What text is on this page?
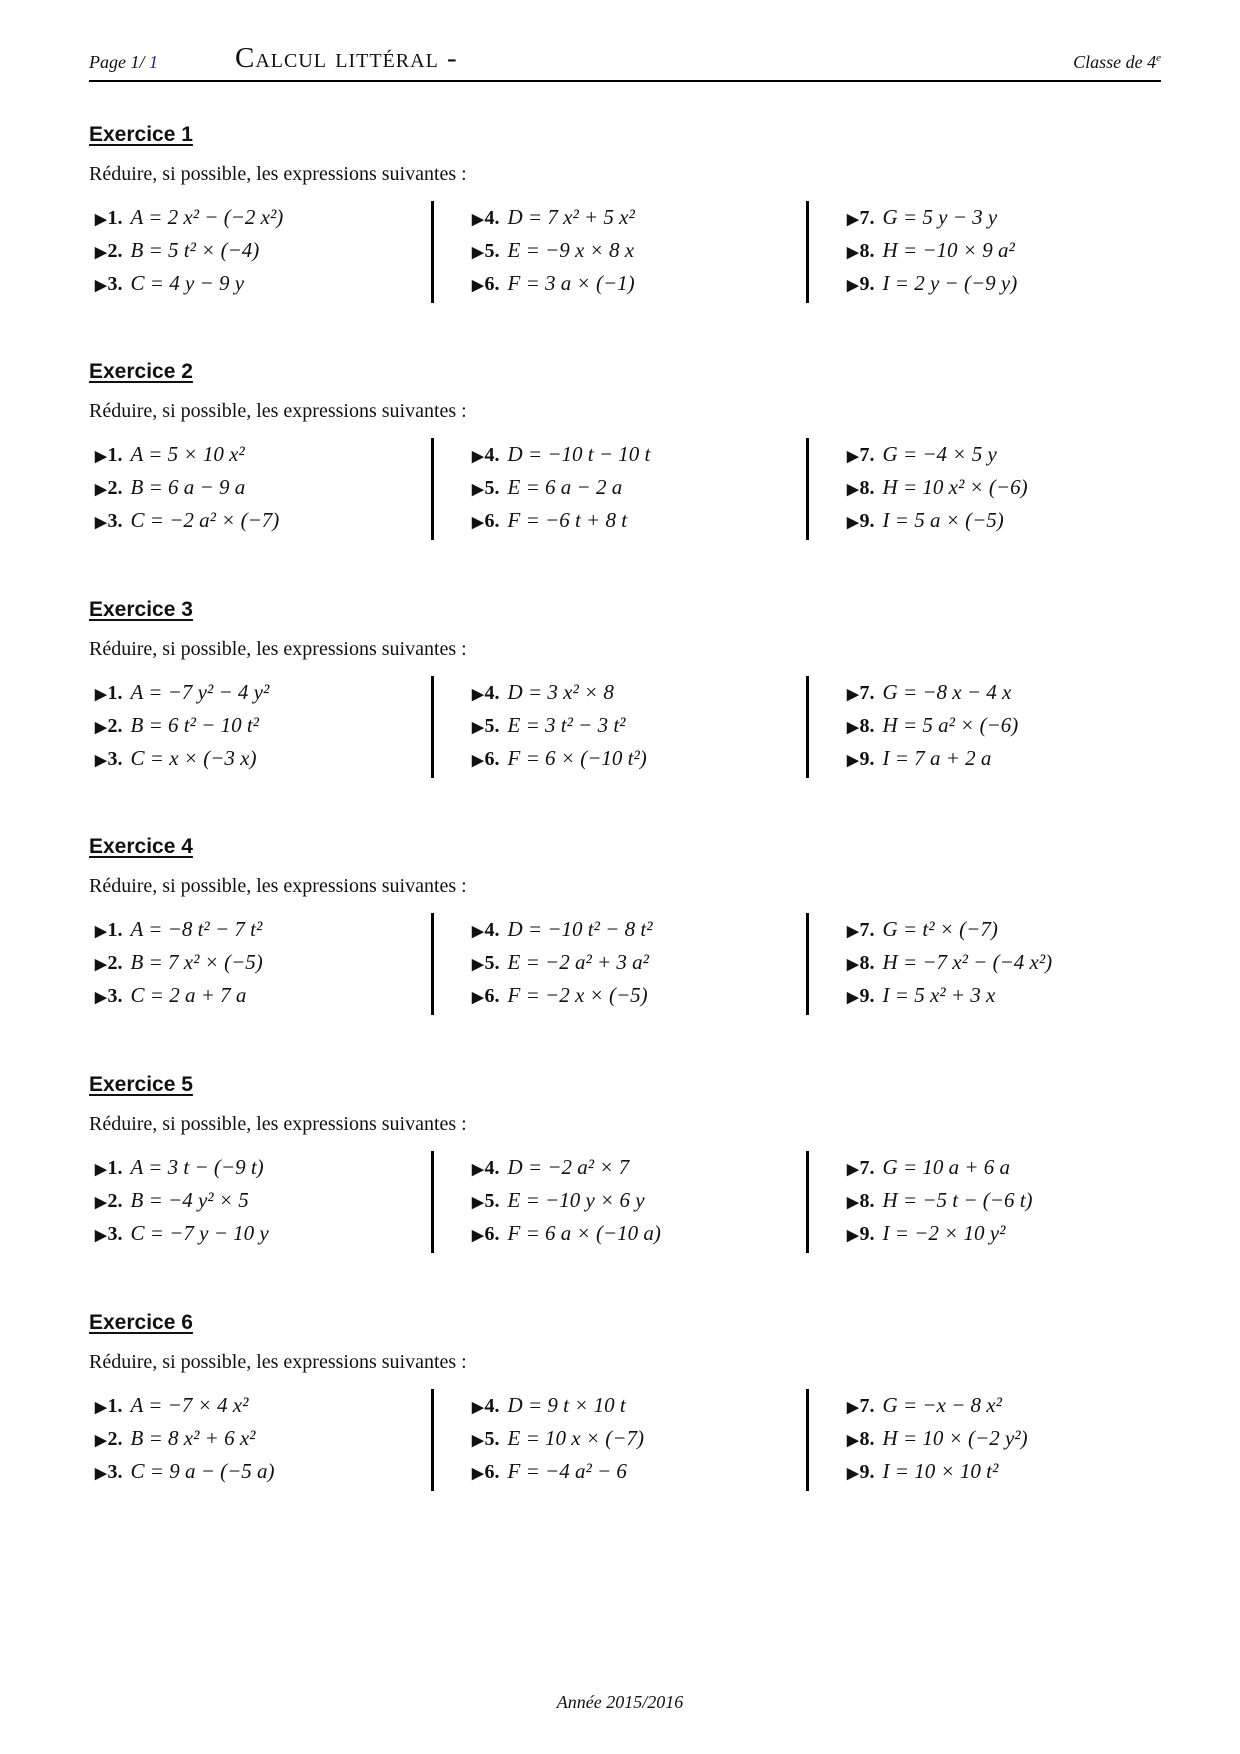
Page 1/ 1	Calcul littéral -	Classe de 4e
Exercice 1
Réduire, si possible, les expressions suivantes :
▶1. A = 2 x² − (−2 x²)
▶2. B = 5 t² × (−4)
▶3. C = 4 y − 9 y
▶4. D = 7 x² + 5 x²
▶5. E = −9 x × 8 x
▶6. F = 3 a × (−1)
▶7. G = 5 y − 3 y
▶8. H = −10 × 9 a²
▶9. I = 2 y − (−9 y)
Exercice 2
Réduire, si possible, les expressions suivantes :
▶1. A = 5 × 10 x²
▶2. B = 6 a − 9 a
▶3. C = −2 a² × (−7)
▶4. D = −10 t − 10 t
▶5. E = 6 a − 2 a
▶6. F = −6 t + 8 t
▶7. G = −4 × 5 y
▶8. H = 10 x² × (−6)
▶9. I = 5 a × (−5)
Exercice 3
Réduire, si possible, les expressions suivantes :
▶1. A = −7 y² − 4 y²
▶2. B = 6 t² − 10 t²
▶3. C = x × (−3 x)
▶4. D = 3 x² × 8
▶5. E = 3 t² − 3 t²
▶6. F = 6 × (−10 t²)
▶7. G = −8 x − 4 x
▶8. H = 5 a² × (−6)
▶9. I = 7 a + 2 a
Exercice 4
Réduire, si possible, les expressions suivantes :
▶1. A = −8 t² − 7 t²
▶2. B = 7 x² × (−5)
▶3. C = 2 a + 7 a
▶4. D = −10 t² − 8 t²
▶5. E = −2 a² + 3 a²
▶6. F = −2 x × (−5)
▶7. G = t² × (−7)
▶8. H = −7 x² − (−4 x²)
▶9. I = 5 x² + 3 x
Exercice 5
Réduire, si possible, les expressions suivantes :
▶1. A = 3 t − (−9 t)
▶2. B = −4 y² × 5
▶3. C = −7 y − 10 y
▶4. D = −2 a² × 7
▶5. E = −10 y × 6 y
▶6. F = 6 a × (−10 a)
▶7. G = 10 a + 6 a
▶8. H = −5 t − (−6 t)
▶9. I = −2 × 10 y²
Exercice 6
Réduire, si possible, les expressions suivantes :
▶1. A = −7 × 4 x²
▶2. B = 8 x² + 6 x²
▶3. C = 9 a − (−5 a)
▶4. D = 9 t × 10 t
▶5. E = 10 x × (−7)
▶6. F = −4 a² − 6
▶7. G = −x − 8 x²
▶8. H = 10 × (−2 y²)
▶9. I = 10 × 10 t²
Année 2015/2016
